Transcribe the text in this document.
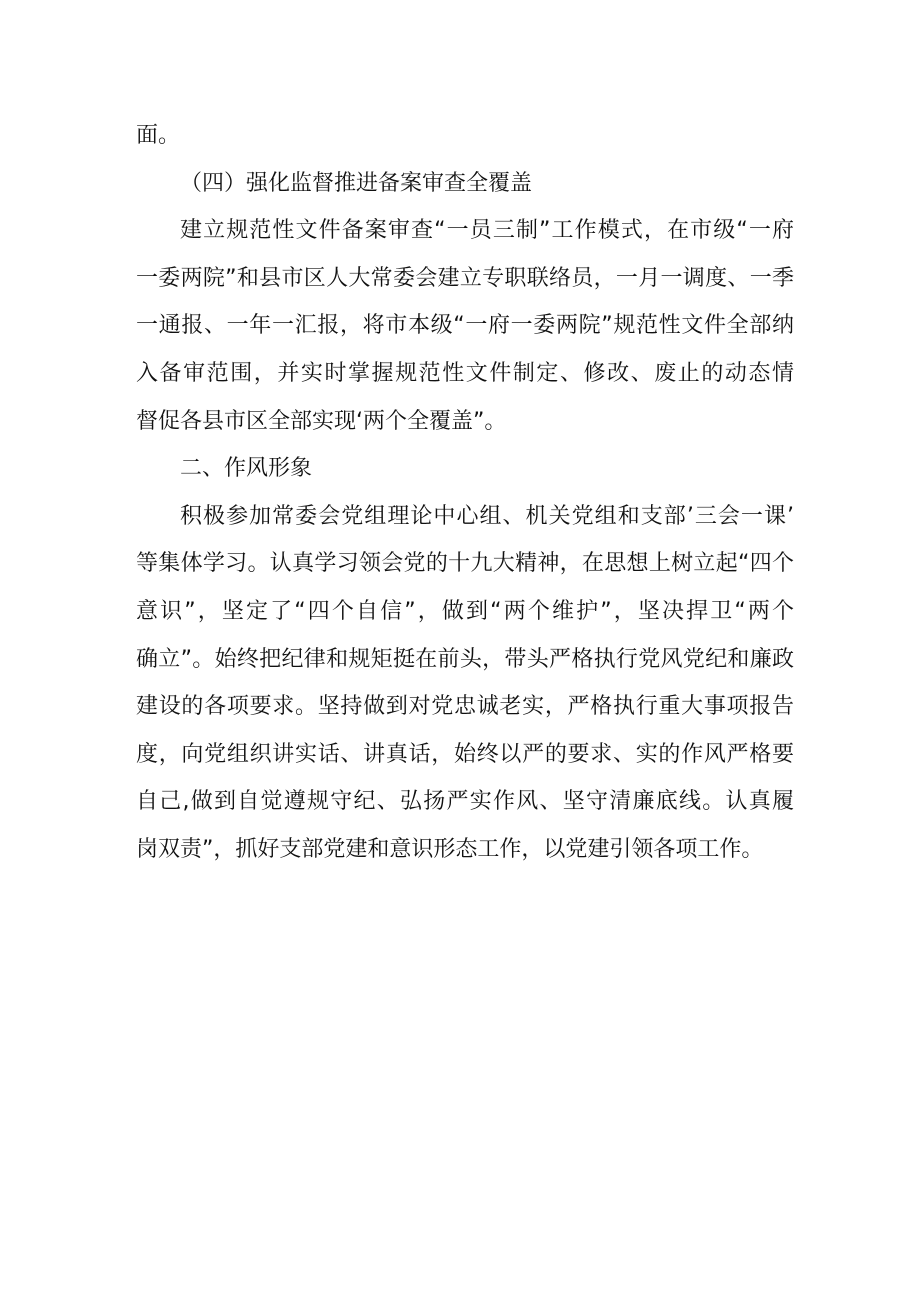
面。
（四）强化监督推进备案审查全覆盖
建立规范性文件备案审查“一员三制”工作模式，在市级“一府
一委两院”和县市区人大常委会建立专职联络员，一月一调度、一季
一通报、一年一汇报，将市本级“一府一委两院”规范性文件全部纳
入备审范围，并实时掌握规范性文件制定、修改、废止的动态情
督促各县市区全部实现‘两个全覆盖”。
二、作风形象
积极参加常委会党组理论中心组、机关党组和支部’三会一课’
等集体学习。认真学习领会党的十九大精神，在思想上树立起“四个
意识”，坚定了“四个自信”，做到“两个维护”，坚决捍卫“两个
确立”。始终把纪律和规矩挺在前头，带头严格执行党风党纪和廉政
建设的各项要求。坚持做到对党忠诚老实，严格执行重大事项报告
度，向党组织讲实话、讲真话，始终以严的要求、实的作风严格要
自己,做到自觉遵规守纪、弘扬严实作风、坚守清廉底线。认真履
岗双责”，抓好支部党建和意识形态工作，以党建引领各项工作。
